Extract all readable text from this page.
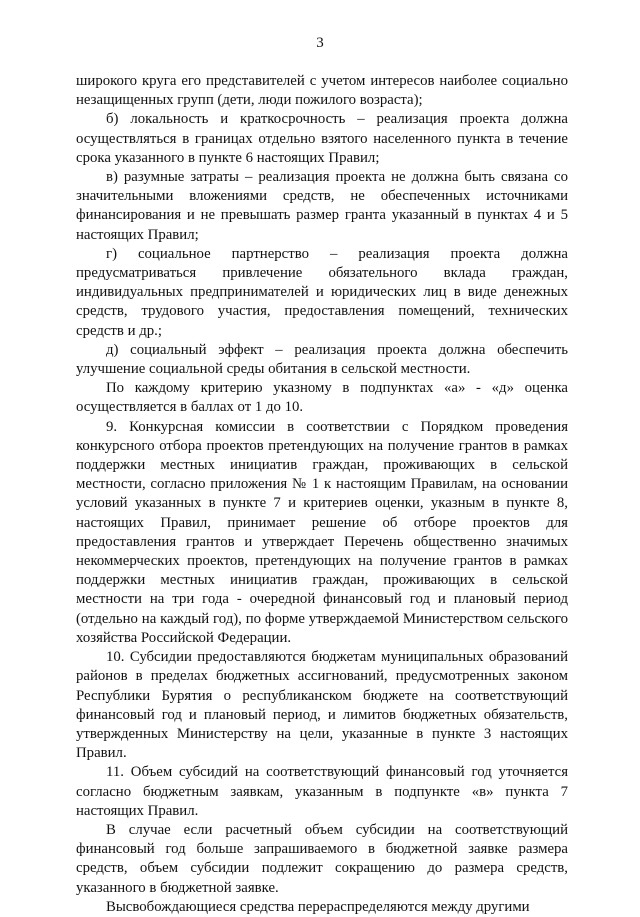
3

широкого круга его представителей с учетом интересов наиболее социально незащищенных групп (дети, люди пожилого возраста);

б) локальность и краткосрочность – реализация проекта должна осуществляться в границах отдельно взятого населенного пункта в течение срока указанного в пункте 6 настоящих Правил;

в) разумные затраты – реализация проекта не должна быть связана со значительными вложениями средств, не обеспеченных источниками финансирования и не превышать размер гранта указанный в пунктах 4 и 5 настоящих Правил;

г) социальное партнерство – реализация проекта должна предусматриваться привлечение обязательного вклада граждан, индивидуальных предпринимателей и юридических лиц в виде денежных средств, трудового участия, предоставления помещений, технических средств и др.;

д) социальный эффект – реализация проекта должна обеспечить улучшение социальной среды обитания в сельской местности.

По каждому критерию указному в подпунктах «а» - «д» оценка осуществляется в баллах от 1 до 10.

9. Конкурсная комиссии в соответствии с Порядком проведения конкурсного отбора проектов претендующих на получение грантов в рамках поддержки местных инициатив граждан, проживающих в сельской местности, согласно приложения № 1 к настоящим Правилам, на основании условий указанных в пункте 7 и критериев оценки, указным в пункте 8, настоящих Правил, принимает решение об отборе проектов для предоставления грантов и утверждает Перечень общественно значимых некоммерческих проектов, претендующих на получение грантов в рамках поддержки местных инициатив граждан, проживающих в сельской местности на три года - очередной финансовый год и плановый период (отдельно на каждый год), по форме утверждаемой Министерством сельского хозяйства Российской Федерации.

10. Субсидии предоставляются бюджетам муниципальных образований районов в пределах бюджетных ассигнований, предусмотренных законом Республики Бурятия о республиканском бюджете на соответствующий финансовый год и плановый период, и лимитов бюджетных обязательств, утвержденных Министерству на цели, указанные в пункте 3 настоящих Правил.

11. Объем субсидий на соответствующий финансовый год уточняется согласно бюджетным заявкам, указанным в подпункте «в» пункта 7 настоящих Правил.

В случае если расчетный объем субсидии на соответствующий финансовый год больше запрашиваемого в бюджетной заявке размера средств, объем субсидии подлежит сокращению до размера средств, указанного в бюджетной заявке.

Высвобождающиеся средства перераспределяются между другими
